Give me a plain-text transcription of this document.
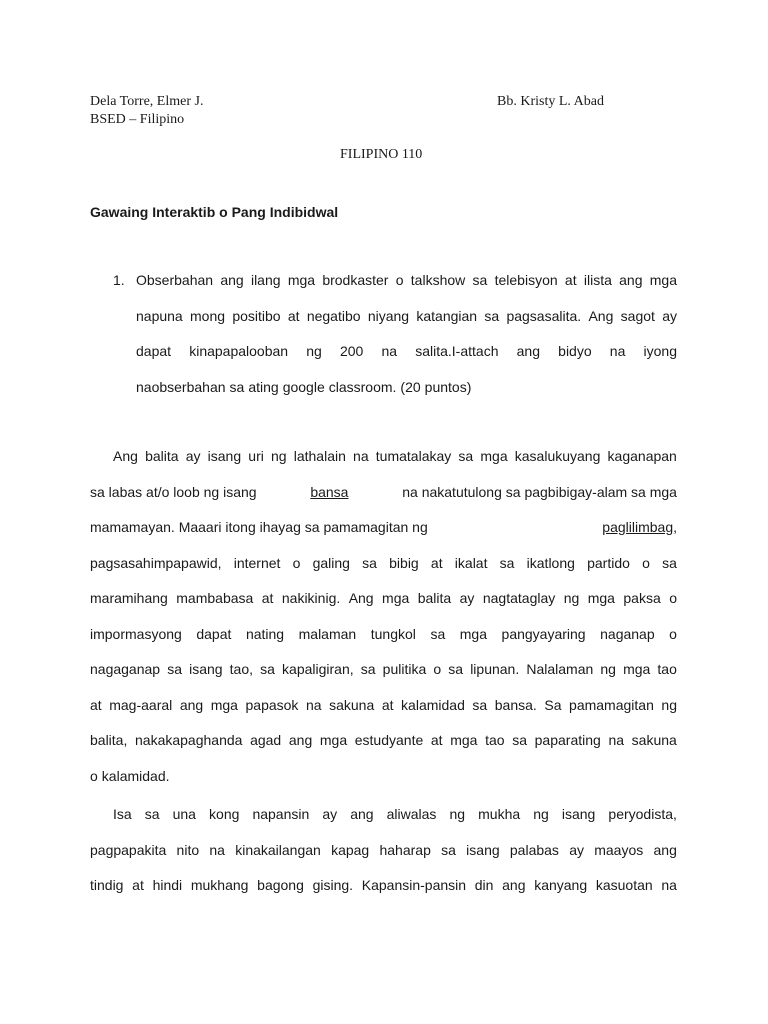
Dela Torre, Elmer J.
BSED – Filipino
Bb. Kristy L. Abad
FILIPINO 110
Gawaing Interaktib o Pang Indibidwal
1. Obserbahan ang ilang mga brodkaster o talkshow sa telebisyon at ilista ang mga
napuna mong positibo at negatibo niyang katangian sa pagsasalita. Ang sagot ay
dapat kinapapalooban ng 200 na salita.I-attach ang bidyo na iyong
naobserbahan sa ating google classroom. (20 puntos)
Ang balita ay isang uri ng lathalain na tumatalakay sa mga kasalukuyang kaganapan
sa labas at/o loob ng isang	bansa	na nakatutulong sa pagbibigay-alam sa mga
mamamayan. Maaari itong ihayag sa pamamagitan ng	paglilimbag,
pagsasahimpapawid, internet o galing sa bibig at ikalat sa ikatlong partido o sa
maramihang mambabasa at nakikinig. Ang mga balita ay nagtataglay ng mga paksa o
impormasyong dapat nating malaman tungkol sa mga pangyayaring naganap o
nagaganap sa isang tao, sa kapaligiran, sa pulitika o sa lipunan. Nalalaman ng mga tao
at mag-aaral ang mga papasok na sakuna at kalamidad sa bansa. Sa pamamagitan ng
balita, nakakapaghanda agad ang mga estudyante at mga tao sa paparating na sakuna
o kalamidad.
Isa sa una kong napansin ay ang aliwalas ng mukha ng isang peryodista,
pagpapakita nito na kinakailangan kapag haharap sa isang palabas ay maayos ang
tindig at hindi mukhang bagong gising. Kapansin-pansin din ang kanyang kasuotan na
